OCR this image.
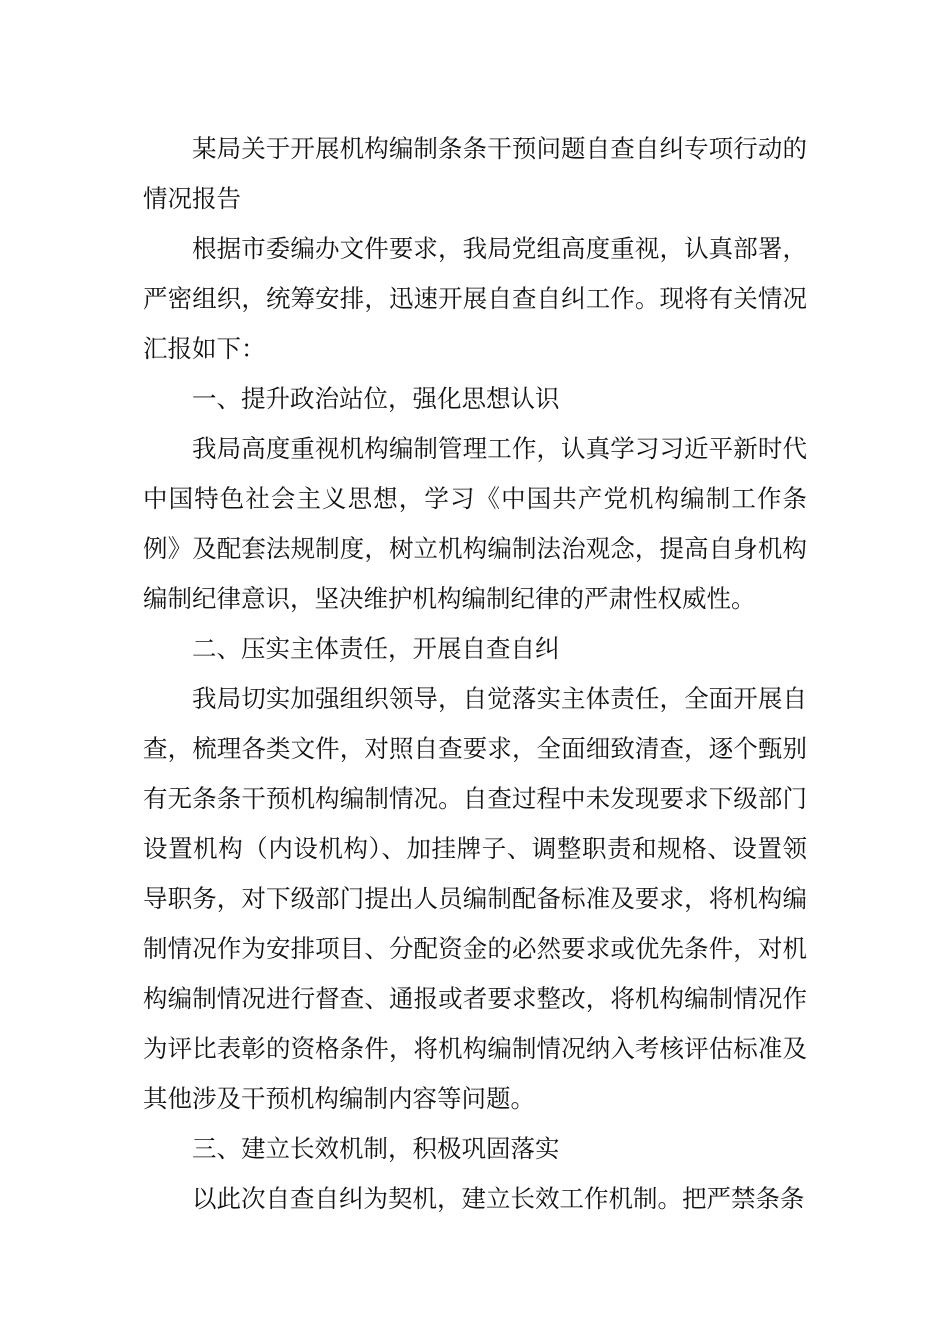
某局关于开展机构编制条条干预问题自查自纠专项行动的情况报告

根据市委编办文件要求，我局党组高度重视，认真部署，严密组织，统筹安排，迅速开展自查自纠工作。现将有关情况汇报如下：

一、提升政治站位，强化思想认识

我局高度重视机构编制管理工作，认真学习习近平新时代中国特色社会主义思想，学习《中国共产党机构编制工作条例》及配套法规制度，树立机构编制法治观念，提高自身机构编制纪律意识，坚决维护机构编制纪律的严肃性权威性。

二、压实主体责任，开展自查自纠

我局切实加强组织领导，自觉落实主体责任，全面开展自查，梳理各类文件，对照自查要求，全面细致清查，逐个甄别有无条条干预机构编制情况。自查过程中未发现要求下级部门设置机构（内设机构）、加挂牌子、调整职责和规格、设置领导职务，对下级部门提出人员编制配备标准及要求，将机构编制情况作为安排项目、分配资金的必然要求或优先条件，对机构编制情况进行督查、通报或者要求整改，将机构编制情况作为评比表彰的资格条件，将机构编制情况纳入考核评估标准及其他涉及干预机构编制内容等问题。

三、建立长效机制，积极巩固落实

以此次自查自纠为契机，建立长效工作机制。把严禁条条
